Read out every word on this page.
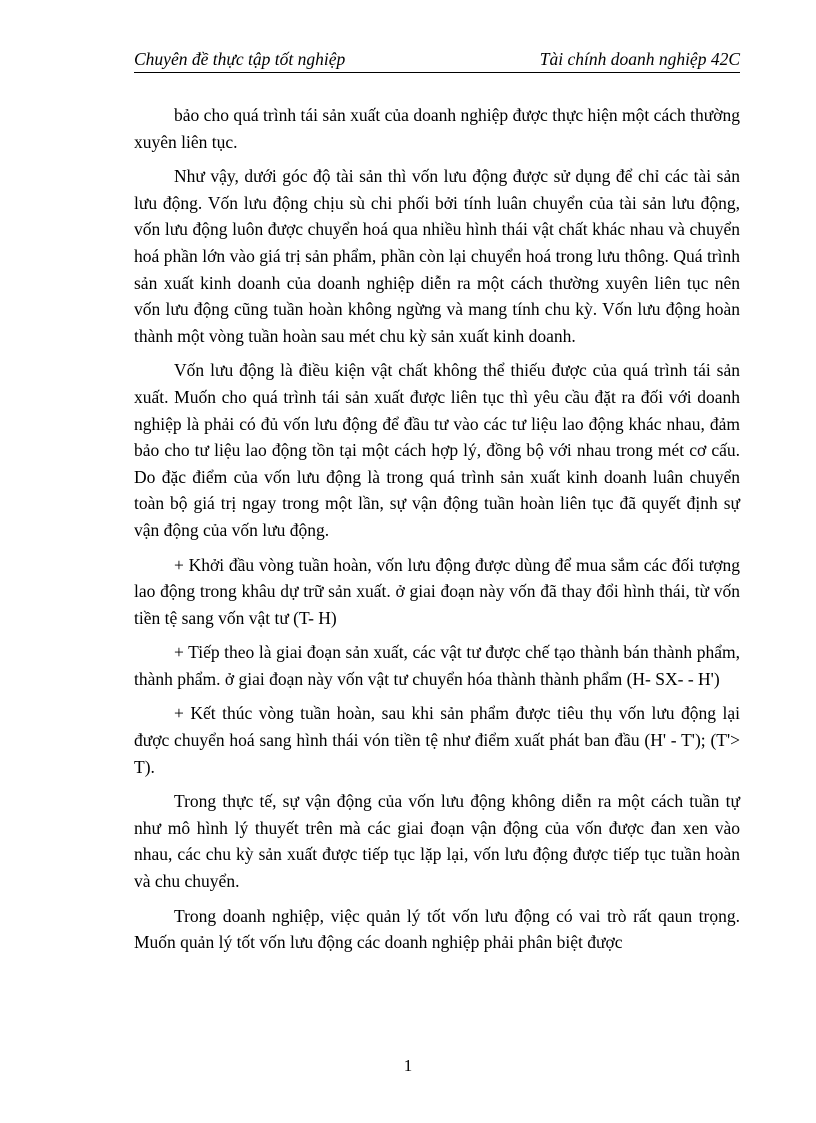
Chuyên đề thực tập tốt nghiệp	Tài chính doanh nghiệp 42C

bảo cho quá trình tái sản xuất của doanh nghiệp được thực hiện một cách thường xuyên liên tục.

Như vậy, dưới góc độ tài sản thì vốn lưu động được sử dụng để chỉ các tài sản lưu động. Vốn lưu động chịu sù chi phối bởi tính luân chuyển của tài sản lưu động, vốn lưu động luôn được chuyển hoá qua nhiều hình thái vật chất khác nhau và chuyển hoá phần lớn vào giá trị sản phẩm, phần còn lại chuyển hoá trong lưu thông. Quá trình sản xuất kinh doanh của doanh nghiệp diễn ra một cách thường xuyên liên tục nên vốn lưu động cũng tuần hoàn không ngừng và mang tính chu kỳ. Vốn lưu động hoàn thành một vòng tuần hoàn sau mét chu kỳ sản xuất kinh doanh.

Vốn lưu động là điều kiện vật chất không thể thiếu được của quá trình tái sản xuất. Muốn cho quá trình tái sản xuất được liên tục thì yêu cầu đặt ra đối với doanh nghiệp là phải có đủ vốn lưu động để đầu tư vào các tư liệu lao động khác nhau, đảm bảo cho tư liệu lao động tồn tại một cách hợp lý, đồng bộ với nhau trong mét cơ cấu. Do đặc điểm của vốn lưu động là trong quá trình sản xuất kinh doanh luân chuyển toàn bộ giá trị ngay trong một lần, sự vận động tuần hoàn liên tục đã quyết định sự vận động của vốn lưu động.

+ Khởi đầu vòng tuần hoàn, vốn lưu động được dùng để mua sắm các đối tượng lao động trong khâu dự trữ sản xuất. ở giai đoạn này vốn đã thay đổi hình thái, từ vốn tiền tệ sang vốn vật tư (T- H)

+ Tiếp theo là giai đoạn sản xuất, các vật tư được chế tạo thành bán thành phẩm, thành phẩm. ở giai đoạn này vốn vật tư chuyển hóa thành thành phẩm (H- SX- - H')

+ Kết thúc vòng tuần hoàn, sau khi sản phẩm được tiêu thụ vốn lưu động lại được chuyển hoá sang hình thái vón tiền tệ như điểm xuất phát ban đầu (H' - T'); (T'> T).

Trong thực tế, sự vận động của vốn lưu động không diễn ra một cách tuần tự như mô hình lý thuyết trên mà các giai đoạn vận động của vốn được đan xen vào nhau, các chu kỳ sản xuất được tiếp tục lặp lại, vốn lưu động được tiếp tục tuần hoàn và chu chuyển.

Trong doanh nghiệp, việc quản lý tốt vốn lưu động có vai trò rất qaun trọng. Muốn quản lý tốt vốn lưu động các doanh nghiệp phải phân biệt được

1
